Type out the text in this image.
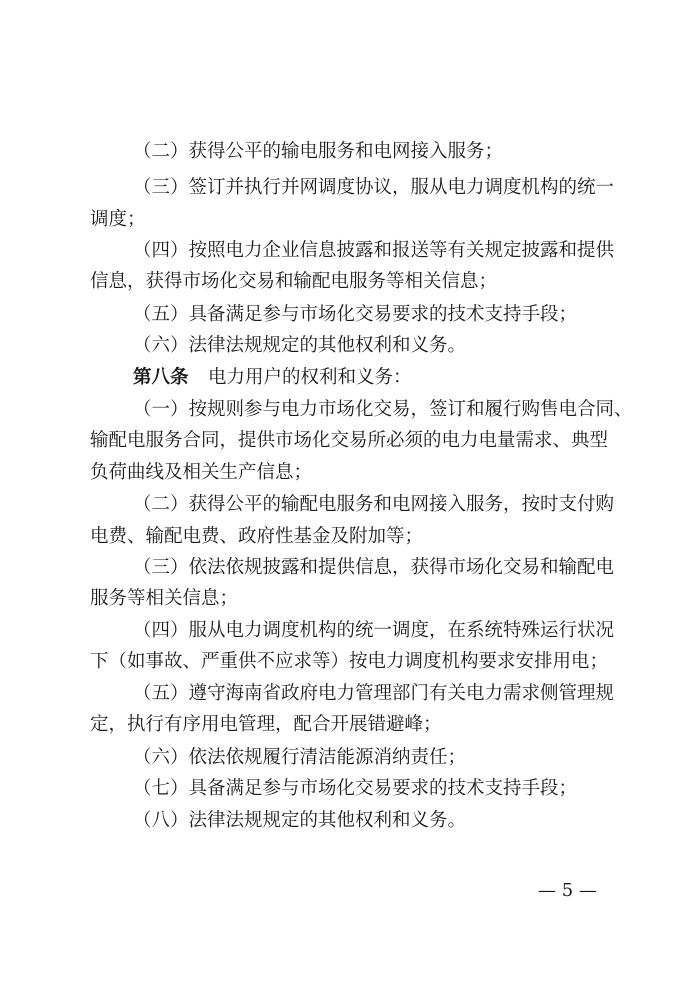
（二）获得公平的输电服务和电网接入服务；
（三）签订并执行并网调度协议，服从电力调度机构的统一
调度；
（四）按照电力企业信息披露和报送等有关规定披露和提供
信息，获得市场化交易和输配电服务等相关信息；
（五）具备满足参与市场化交易要求的技术支持手段；
（六）法律法规规定的其他权利和义务。
第八条 电力用户的权利和义务：
（一）按规则参与电力市场化交易，签订和履行购售电合同、
输配电服务合同，提供市场化交易所必须的电力电量需求、典型
负荷曲线及相关生产信息；
（二）获得公平的输配电服务和电网接入服务，按时支付购
电费、输配电费、政府性基金及附加等；
（三）依法依规披露和提供信息，获得市场化交易和输配电
服务等相关信息；
（四）服从电力调度机构的统一调度，在系统特殊运行状况
下（如事故、严重供不应求等）按电力调度机构要求安排用电；
（五）遵守海南省政府电力管理部门有关电力需求侧管理规
定，执行有序用电管理，配合开展错避峰；
（六）依法依规履行清洁能源消纳责任；
（七）具备满足参与市场化交易要求的技术支持手段；
（八）法律法规规定的其他权利和义务。
— 5 —
